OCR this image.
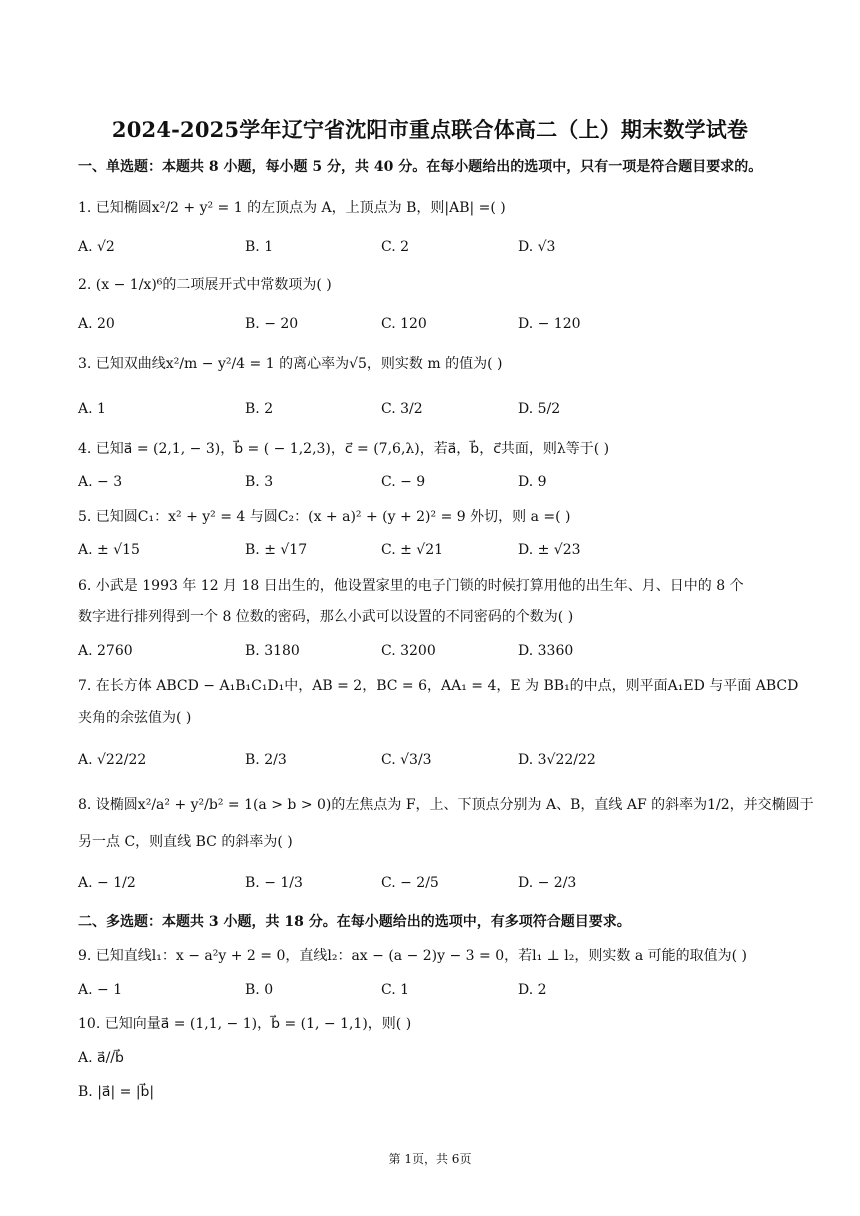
2024-2025学年辽宁省沈阳市重点联合体高二（上）期末数学试卷
一、单选题：本题共 8 小题，每小题 5 分，共 40 分。在每小题给出的选项中，只有一项是符合题目要求的。
1. 已知椭圆x²/2 + y² = 1 的左顶点为 A，上顶点为 B，则|AB| =( )
A. √2	B. 1	C. 2	D. √3
2. (x − 1/x)⁶的二项展开式中常数项为( )
A. 20	B. − 20	C. 120	D. − 120
3. 已知双曲线x²/m − y²/4 = 1 的离心率为√5，则实数 m 的值为( )
A. 1	B. 2	C. 3/2	D. 5/2
4. 已知a⃗ = (2,1, − 3)，b⃗ = ( − 1,2,3)，c⃗ = (7,6,λ)，若a⃗，b⃗，c⃗共面，则λ等于( )
A. − 3	B. 3	C. − 9	D. 9
5. 已知圆C₁：x² + y² = 4 与圆C₂：(x + a)² + (y + 2)² = 9 外切，则 a =( )
A. ± √15	B. ± √17	C. ± √21	D. ± √23
6. 小武是 1993 年 12 月 18 日出生的，他设置家里的电子门锁的时候打算用他的出生年、月、日中的 8 个
数字进行排列得到一个 8 位数的密码，那么小武可以设置的不同密码的个数为( )
A. 2760	B. 3180	C. 3200	D. 3360
7. 在长方体 ABCD − A₁B₁C₁D₁中，AB = 2，BC = 6，AA₁ = 4，E 为 BB₁的中点，则平面A₁ED 与平面 ABCD
夹角的余弦值为( )
A. √22/22	B. 2/3	C. √3/3	D. 3√22/22
8. 设椭圆x²/a² + y²/b² = 1(a > b > 0)的左焦点为 F，上、下顶点分别为 A、B，直线 AF 的斜率为1/2，并交椭圆于
另一点 C，则直线 BC 的斜率为( )
A. − 1/2	B. − 1/3	C. − 2/5	D. − 2/3
二、多选题：本题共 3 小题，共 18 分。在每小题给出的选项中，有多项符合题目要求。
9. 已知直线l₁：x − a²y + 2 = 0，直线l₂：ax − (a − 2)y − 3 = 0，若l₁ ⊥ l₂，则实数 a 可能的取值为( )
A. − 1	B. 0	C. 1	D. 2
10. 已知向量a⃗ = (1,1, − 1)，b⃗ = (1, − 1,1)，则( )
A. a⃗//b⃗
B. |a⃗| = |b⃗|
第 1页，共 6页
